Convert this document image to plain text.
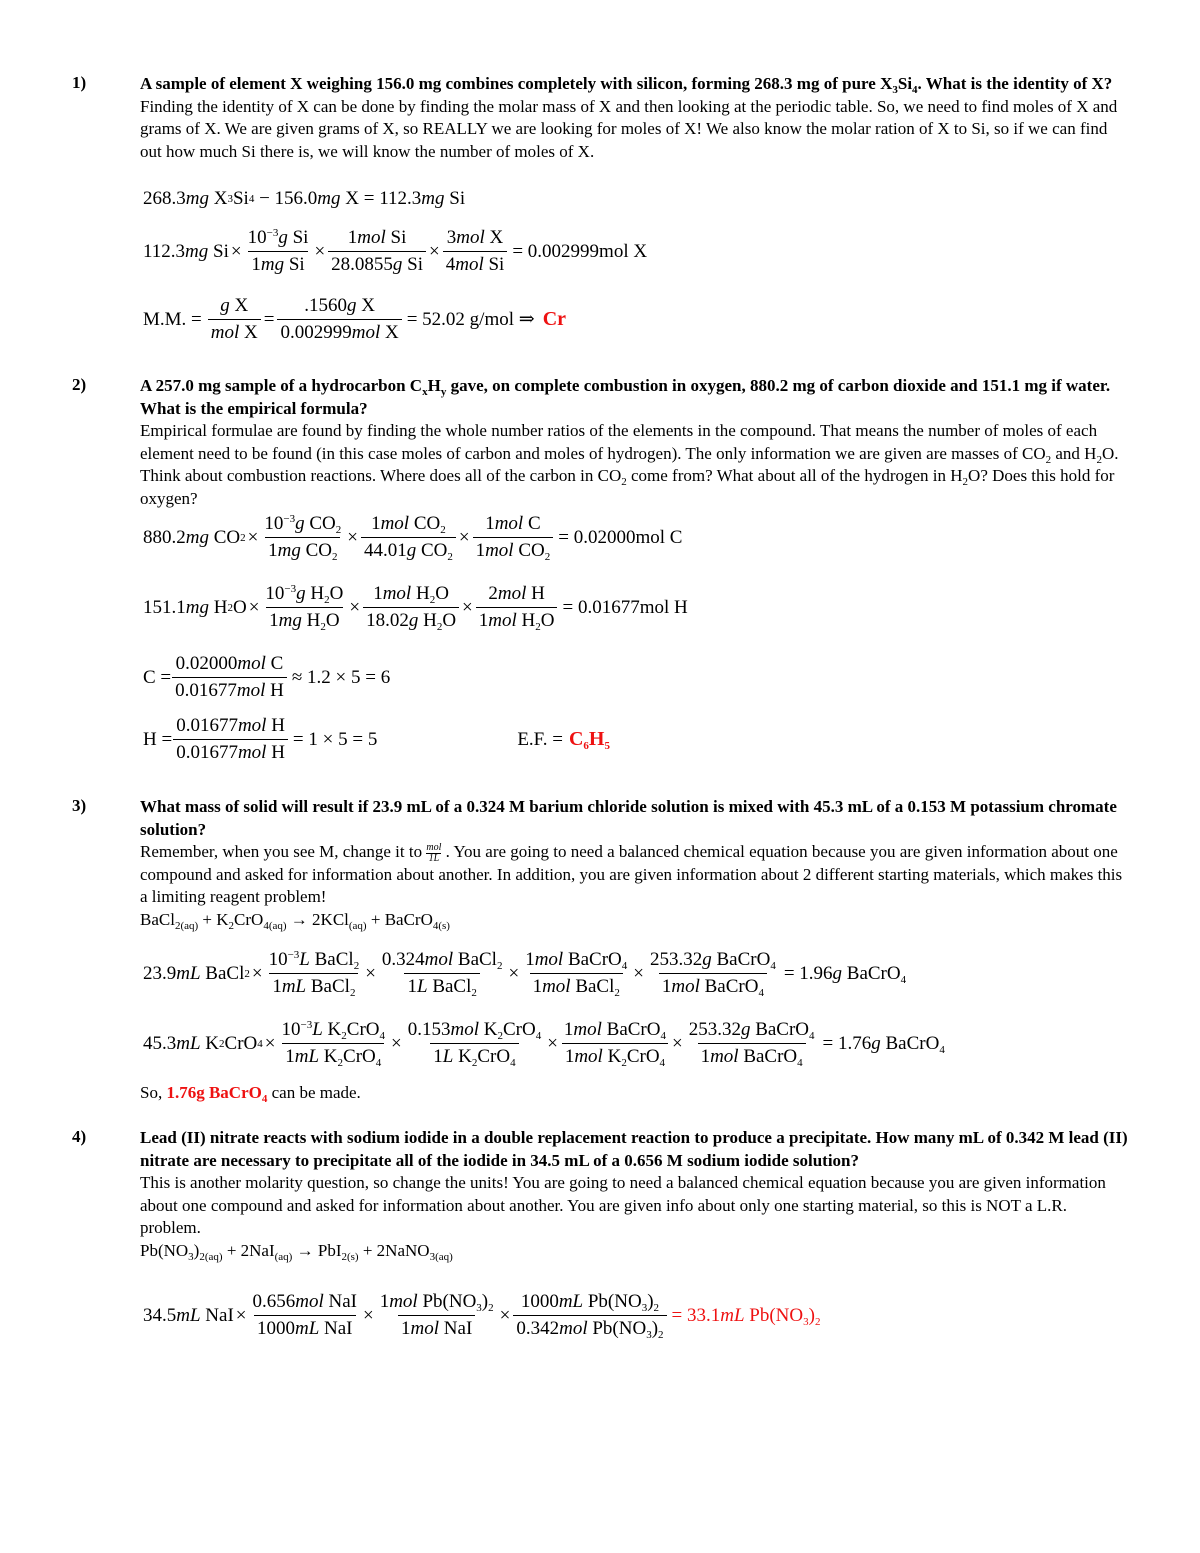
1)	A sample of element X weighing 156.0 mg combines completely with silicon, forming 268.3 mg of pure $X_3Si_4$. What is the identity of X?
Finding the identity of X can be done by finding the molar mass of X and then looking at the periodic table. So, we need to find moles of X and grams of X. We are given grams of X, so REALLY we are looking for moles of X! We also know the molar ration of X to Si, so if we can find out how much Si there is, we will know the number of moles of X.
268.3 mg X 3 Si 4 − 156.0 mg X = 112.3 mg Si
112.3 mg $Si \times \frac{10^{-3}g Si}{\text{1mg Si}} \times \frac{\text{1mol Si}}{\text{28.0855g Si}} \times \frac{\text{3mol X}}{\text{4mol Si}} = 0.002999mol$ X
M.M. = $\frac{\text{g X}}{\text{mol X}} = \frac{\text{.1560g X}}{\text{0.002999mol X}} = 52.02$ g/mol ⇒ Cr
2)	A 257.0 mg sample of a hydrocarbon $C_xH_y$ gave, on complete combustion in oxygen, 880.2 mg of carbon dioxide and 151.1 mg if water. What is the empirical formula?
Empirical formulae are found by finding the whole number ratios of the elements in the compound. That means the number of moles of each element need to be found (in this case moles of carbon and moles of hydrogen). The only information we are given are masses of $CO_2$ and $H_2O$. Think about combustion reactions. Where does all of the carbon in $CO_2$ come from? What about all of the hydrogen in $H_2O$? Does this hold for oxygen?
880.2 mg CO $2 \times \frac{10^{-3}g CO_2}{1mg CO_2} \times \frac{1mol CO_2}{44.01g CO_2} \times \frac{\text{1mol C}}{1mol CO_2} = 0.02000mol$ C
151.1 mg H 2 $O \times \frac{10^{-3}g H_2O}{1mg H_2O} \times \frac{1mol H_2O}{18.02g H_2O} \times \frac{\text{2mol H}}{1mol H_2O} = 0.01677mol$ H
$C = \frac{\text{0.02000mol C}}{\text{0.01677mol H}} \approx 1.2 \times 5 = 6$
$H = \frac{\text{0.01677mol H}}{\text{0.01677mol H}} = 1 \times 5 = 5$	E.F. = $C_6H_5$
3)	What mass of solid will result if 23.9 mL of a 0.324 M barium chloride solution is mixed with 45.3 mL of a 0.153 M potassium chromate solution?
Remember, when you see M, change it to mol
1L . You are going to need a balanced chemical equation because you are given information about one compound and asked for information about another. In addition, you are given information about 2 different starting materials, which makes this a limiting reagent problem!
BaCl$_{2(aq)}$ + $K_2CrO_{4(aq)} \to 2KCl_{(aq)}$ + BaCrO$_{4(s)}$
23.9 mL BaCl $2 \times \frac{10^{-3}L BaCl_2}{1mL BaCl_2} \times \frac{0.324mol BaCl_2}{1L BaCl_2} \times \frac{1mol BaCrO_4}{1mol BaCl_2} \times \frac{253.32g BaCrO_4}{1mol BaCrO_4} = 1.96g$ BaCrO$_4$
45.3 mL K 2 CrO $4 \times \frac{10^{-3}L K_2CrO_4}{1mL K_2CrO_4} \times \frac{0.153mol K_2CrO_4}{1L K_2CrO_4} \times \frac{1mol BaCrO_4}{1mol K_2CrO_4} \times \frac{253.32g BaCrO_4}{1mol BaCrO_4} = 1.76g$ BaCrO$_4$
So, 1.76g BaCrO$_4$ can be made.
4)	Lead (II) nitrate reacts with sodium iodide in a double replacement reaction to produce a precipitate. How many mL of 0.342 M lead (II) nitrate are necessary to precipitate all of the iodide in 34.5 mL of a 0.656 M sodium iodide solution?
This is another molarity question, so change the units! You are going to need a balanced chemical equation because you are given information about one compound and asked for information about another. You are given info about only one starting material, so this is NOT a L.R. problem.
$Pb(NO_3)_{2(aq)} + 2NaI_{(aq)} \to PbI_{2(s)}$ + 2NaNO$_{3(aq)}$
34.5 mL NaI × $\frac{\text{0.656mol NaI}}{\text{1000mL NaI}} \times \frac{1mol Pb(NO_3)_2}{\text{1mol NaI}} \times \frac{1000mL Pb(NO_3)_2}{0.342mol Pb(NO_3)_2} = 33.1mL$ $Pb(NO_3)_2$
